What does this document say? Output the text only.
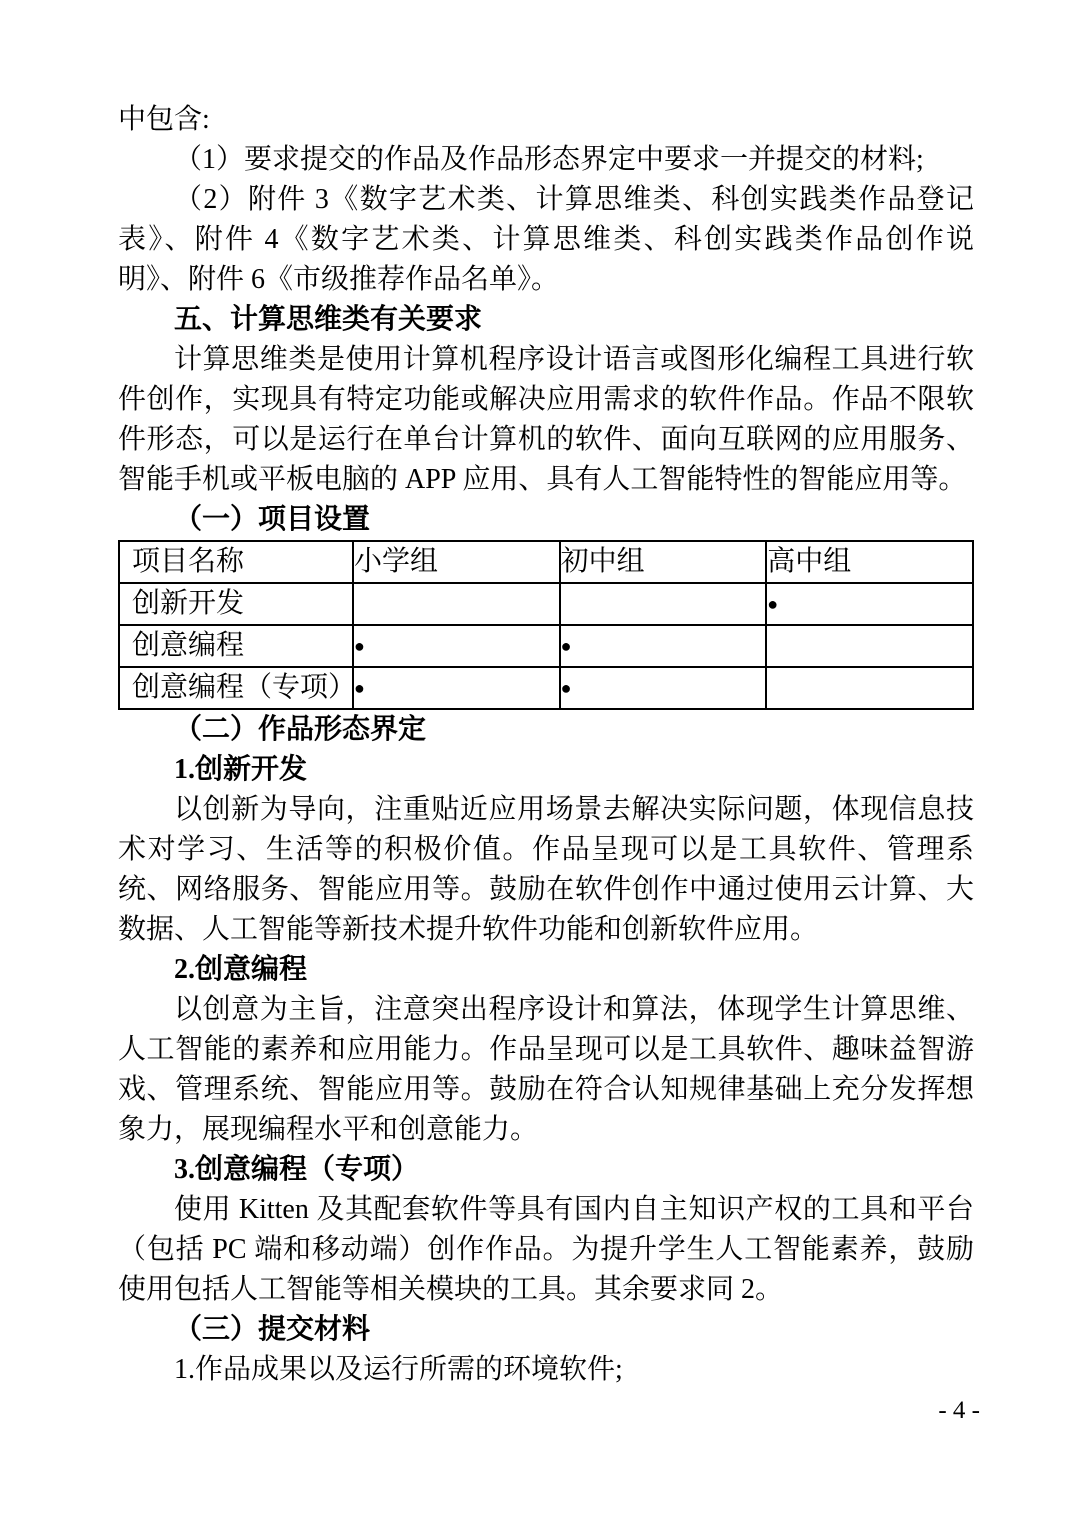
中包含:

（1）要求提交的作品及作品形态界定中要求一并提交的材料;

（2）附件 3《数字艺术类、计算思维类、科创实践类作品登记表》、附件 4《数字艺术类、计算思维类、科创实践类作品创作说明》、附件 6《市级推荐作品名单》。

五、计算思维类有关要求

计算思维类是使用计算机程序设计语言或图形化编程工具进行软件创作，实现具有特定功能或解决应用需求的软件作品。作品不限软件形态，可以是运行在单台计算机的软件、面向互联网的应用服务、智能手机或平板电脑的 APP 应用、具有人工智能特性的智能应用等。

（一）项目设置
项目名称	小学组	初中组	高中组
创新开发			●
创意编程	●	●	
创意编程（专项）	●	●	
（二）作品形态界定
1.创新开发

以创新为导向，注重贴近应用场景去解决实际问题，体现信息技术对学习、生活等的积极价值。作品呈现可以是工具软件、管理系统、网络服务、智能应用等。鼓励在软件创作中通过使用云计算、大数据、人工智能等新技术提升软件功能和创新软件应用。

2.创意编程

以创意为主旨，注意突出程序设计和算法，体现学生计算思维、人工智能的素养和应用能力。作品呈现可以是工具软件、趣味益智游戏、管理系统、智能应用等。鼓励在符合认知规律基础上充分发挥想象力，展现编程水平和创意能力。

3.创意编程（专项）

使用 Kitten 及其配套软件等具有国内自主知识产权的工具和平台（包括 PC 端和移动端）创作作品。为提升学生人工智能素养，鼓励使用包括人工智能等相关模块的工具。其余要求同 2。

（三）提交材料

1.作品成果以及运行所需的环境软件;

- 4 -
